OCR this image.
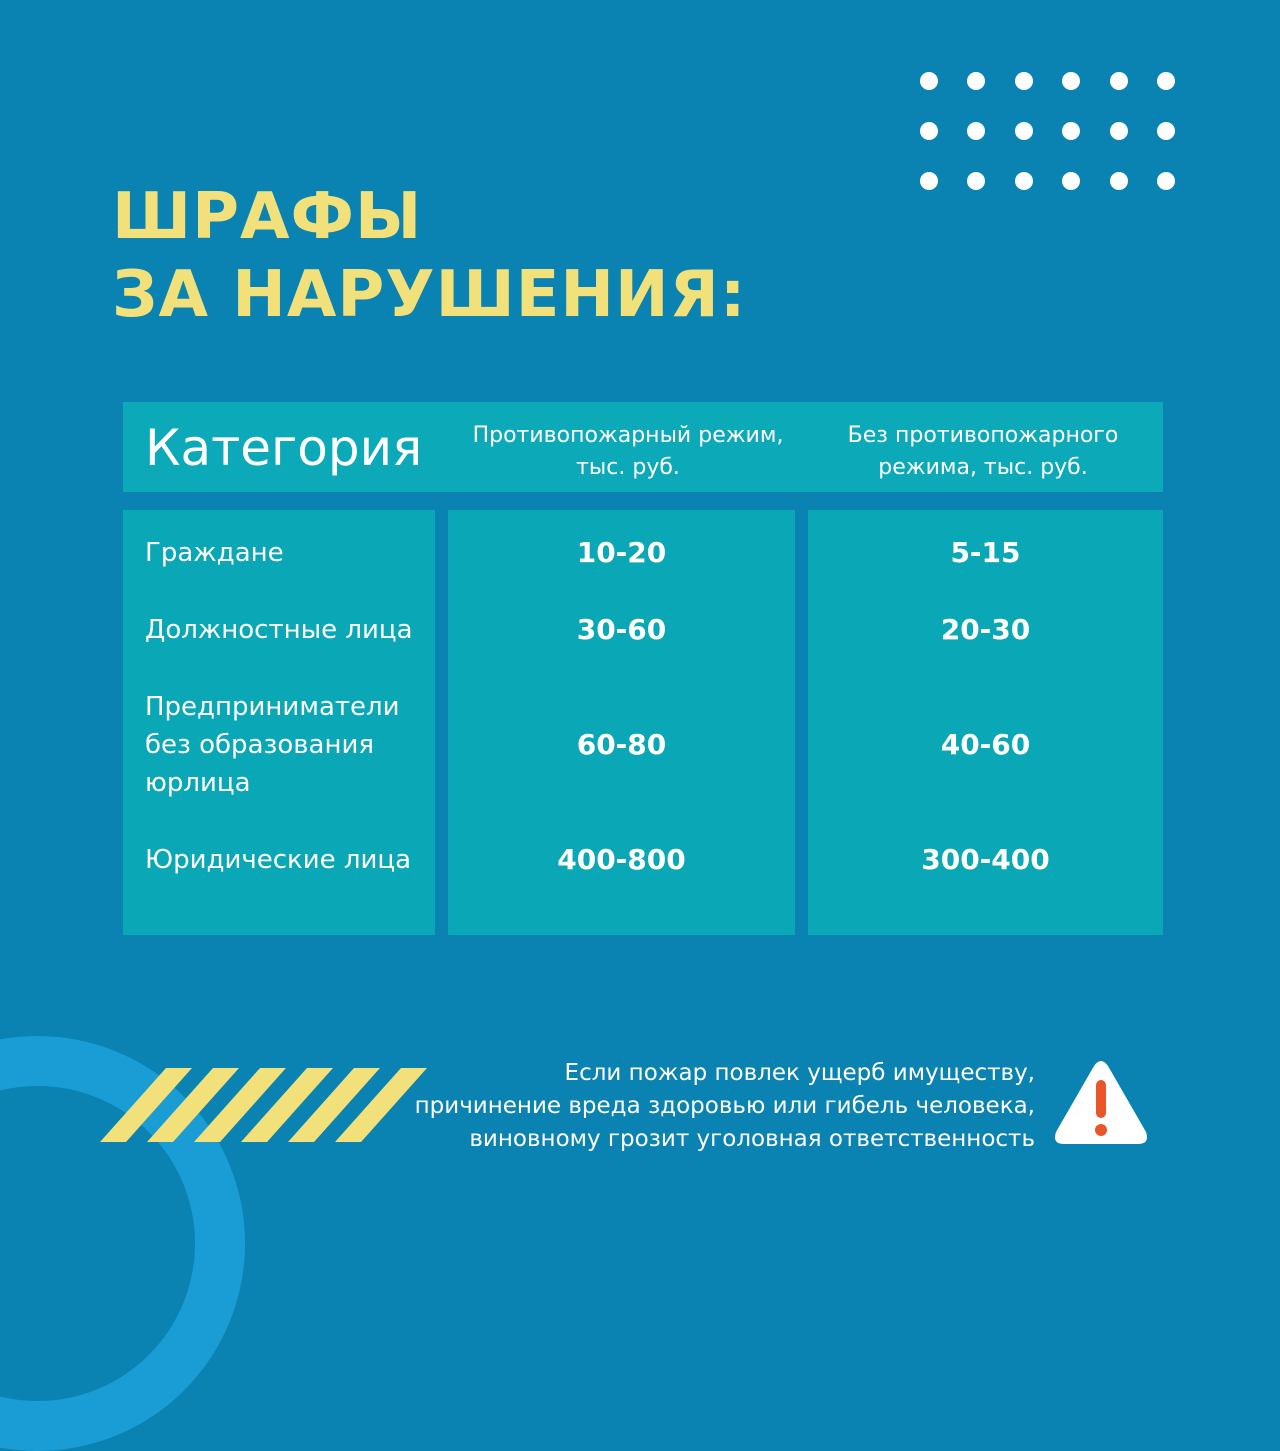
ШРАФЫ
ЗА НАРУШЕНИЯ:
Категория	Противопожарный режим,
тыс. руб.
Без противопожарного
режима, тыс. руб.
Граждане
Должностные лица
Предприниматели
без образования
юрлица
Юридические лица
10-20
30-60
60-80
400-800
5-15
20-30
40-60
300-400

Если пожар повлек ущерб имуществу,
причинение вреда здоровью или гибель человека,
виновному грозит уголовная ответственность
